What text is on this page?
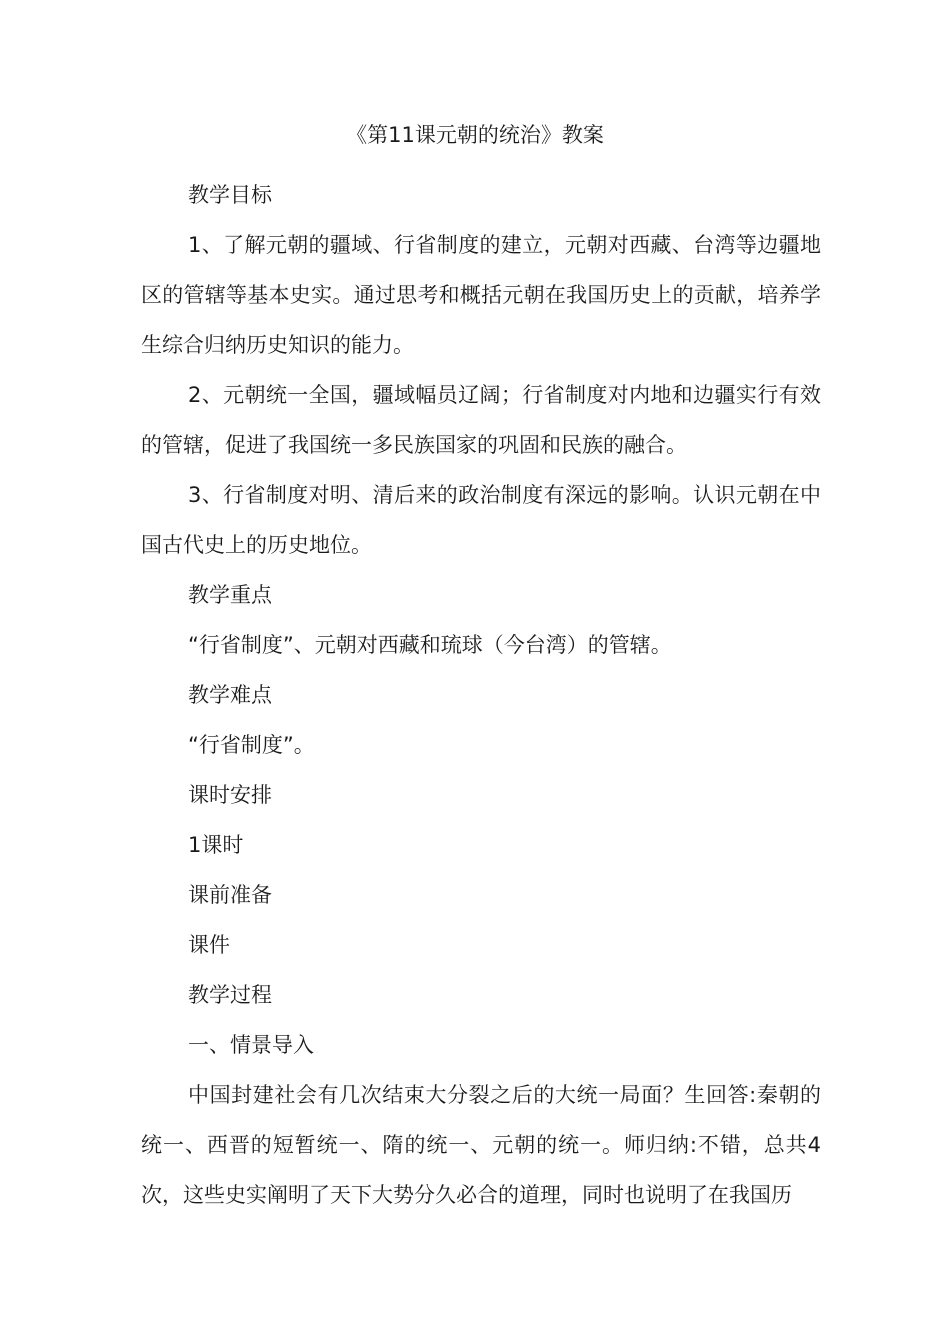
《第11课元朝的统治》教案

教学目标

1、了解元朝的疆域、行省制度的建立，元朝对西藏、台湾等边疆地区的管辖等基本史实。通过思考和概括元朝在我国历史上的贡献，培养学生综合归纳历史知识的能力。

2、元朝统一全国，疆域幅员辽阔；行省制度对内地和边疆实行有效的管辖，促进了我国统一多民族国家的巩固和民族的融合。

3、行省制度对明、清后来的政治制度有深远的影响。认识元朝在中国古代史上的历史地位。

教学重点

“行省制度”、元朝对西藏和琉球（今台湾）的管辖。

教学难点

“行省制度”。

课时安排

1课时

课前准备

课件

教学过程

一、情景导入

中国封建社会有几次结束大分裂之后的大统一局面？生回答:秦朝的统一、西晋的短暂统一、隋的统一、元朝的统一。师归纳:不错，总共4次，这些史实阐明了天下大势分久必合的道理，同时也说明了在我国历
